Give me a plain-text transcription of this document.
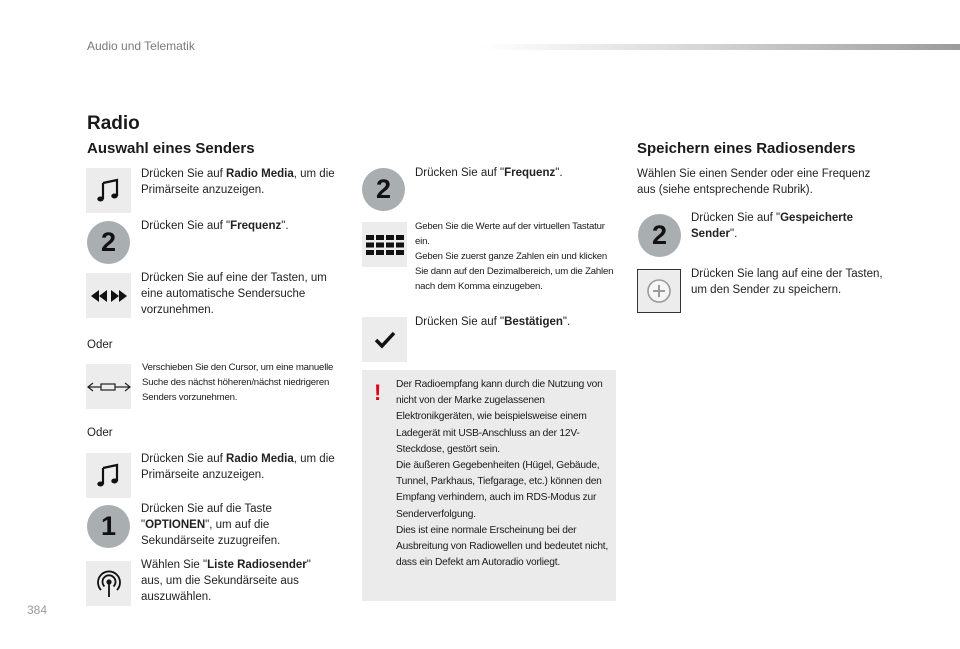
Audio und Telematik
Radio
Auswahl eines Senders
Drücken Sie auf Radio Media, um die Primärseite anzuzeigen.
2
Drücken Sie auf "Frequenz".
Drücken Sie auf eine der Tasten, um eine automatische Sendersuche vorzunehmen.
Oder
Verschieben Sie den Cursor, um eine manuelle Suche des nächst höheren/nächst niedrigeren Senders vorzunehmen.
Oder
Drücken Sie auf Radio Media, um die Primärseite anzuzeigen.
1
Drücken Sie auf die Taste "OPTIONEN", um auf die Sekundärseite zuzugreifen.
Wählen Sie "Liste Radiosender" aus, um die Sekundärseite aus auszuwählen.
2
Drücken Sie auf "Frequenz".
Geben Sie die Werte auf der virtuellen Tastatur ein.
Geben Sie zuerst ganze Zahlen ein und klicken Sie dann auf den Dezimalbereich, um die Zahlen nach dem Komma einzugeben.
Drücken Sie auf "Bestätigen".
! Der Radioempfang kann durch die Nutzung von nicht von der Marke zugelassenen Elektronikgeräten, wie beispielsweise einem Ladegerät mit USB-Anschluss an der 12V-Steckdose, gestört sein.
Die äußeren Gegebenheiten (Hügel, Gebäude, Tunnel, Parkhaus, Tiefgarage, etc.) können den Empfang verhindern, auch im RDS-Modus zur Senderverfolgung.
Dies ist eine normale Erscheinung bei der Ausbreitung von Radiowellen und bedeutet nicht, dass ein Defekt am Autoradio vorliegt.
Speichern eines Radiosenders
Wählen Sie einen Sender oder eine Frequenz aus (siehe entsprechende Rubrik).
2
Drücken Sie auf "Gespeicherte Sender".
Drücken Sie lang auf eine der Tasten, um den Sender zu speichern.
384
